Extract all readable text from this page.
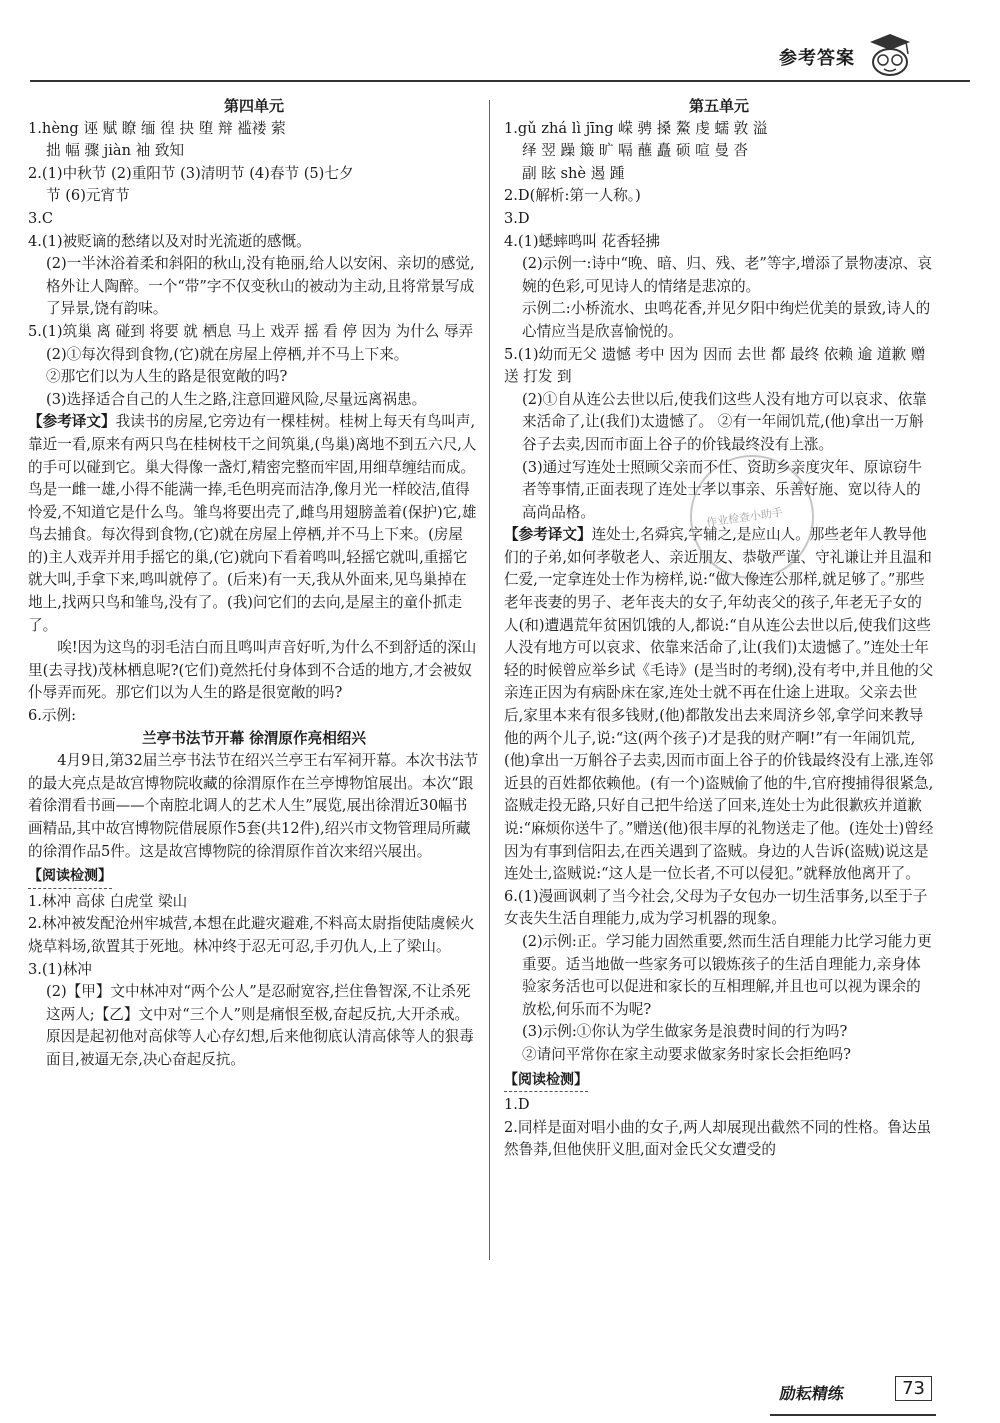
参考答案

第四单元

1.hèng 诬 赋 瞭 缅 徨 抉 堕 辩 褴褛 萦

拙 幅 骤 jiàn 袖 致知

2.(1)中秋节 (2)重阳节 (3)清明节 (4)春节 (5)七夕

节 (6)元宵节

3.C

4.(1)被贬谪的愁绪以及对时光流逝的感慨。

(2)一半沐浴着柔和斜阳的秋山,没有艳丽,给人以安闲、亲切的感觉,格外让人陶醉。一个“带”字不仅变秋山的被动为主动,且将常景写成了异景,饶有韵味。

5.(1)筑巢 离 碰到 将要 就 栖息 马上 戏弄 摇 看 停 因为 为什么 辱弄

(2)①每次得到食物,(它)就在房屋上停栖,并不马上下来。

②那它们以为人生的路是很宽敞的吗?

(3)选择适合自己的人生之路,注意回避风险,尽量远离祸患。

【参考译文】我读书的房屋,它旁边有一棵桂树。桂树上每天有鸟叫声,靠近一看,原来有两只鸟在桂树枝干之间筑巢,(鸟巢)离地不到五六尺,人的手可以碰到它。巢大得像一盏灯,精密完整而牢固,用细草缠结而成。鸟是一雌一雄,小得不能满一捧,毛色明亮而洁净,像月光一样皎洁,值得怜爱,不知道它是什么鸟。雏鸟将要出壳了,雌鸟用翅膀盖着(保护)它,雄鸟去捕食。每次得到食物,(它)就在房屋上停栖,并不马上下来。(房屋的)主人戏弄并用手摇它的巢,(它)就向下看着鸣叫,轻摇它就叫,重摇它就大叫,手拿下来,鸣叫就停了。(后来)有一天,我从外面来,见鸟巢掉在地上,找两只鸟和雏鸟,没有了。(我)问它们的去向,是屋主的童仆抓走了。

唉!因为这鸟的羽毛洁白而且鸣叫声音好听,为什么不到舒适的深山里(去寻找)茂林栖息呢?(它们)竟然托付身体到不合适的地方,才会被奴仆辱弄而死。那它们以为人生的路是很宽敞的吗?

6.示例:

兰亭书法节开幕 徐渭原作亮相绍兴

4月9日,第32届兰亭书法节在绍兴兰亭王右军祠开幕。本次书法节的最大亮点是故宫博物院收藏的徐渭原作在兰亭博物馆展出。本次“跟着徐渭看书画——个南腔北调人的艺术人生”展览,展出徐渭近30幅书画精品,其中故宫博物院借展原作5套(共12件),绍兴市文物管理局所藏的徐渭作品5件。这是故宫博物院的徐渭原作首次来绍兴展出。

【阅读检测】

1.林冲 高俅 白虎堂 梁山

2.林冲被发配沧州牢城营,本想在此避灾避难,不料高太尉指使陆虞候火烧草料场,欲置其于死地。林冲终于忍无可忍,手刃仇人,上了梁山。

3.(1)林冲

(2)【甲】文中林冲对“两个公人”是忍耐宽容,拦住鲁智深,不让杀死这两人;【乙】文中对“三个人”则是痛恨至极,奋起反抗,大开杀戒。 原因是起初他对高俅等人心存幻想,后来他彻底认清高俅等人的狠毒面目,被逼无奈,决心奋起反抗。

第五单元

1.gǔ zhá lì jīng 嵘 骋 搡 鰲 虔 蠕 敦 溢

绎 翌 躁 簸 旷 嗝 蘸 矗 硕 喧 曼 沓

副 眩 shè 遏 踵

2.D(解析:第一人称。)

3.D

4.(1)蟋蟀鸣叫 花香轻拂

(2)示例一:诗中“晚、暗、归、残、老”等字,增添了景物凄凉、哀婉的色彩,可见诗人的情绪是悲凉的。

示例二:小桥流水、虫鸣花香,并见夕阳中绚烂优美的景致,诗人的心情应当是欣喜愉悦的。

5.(1)幼而无父 遗憾 考中 因为 因而 去世 都 最终 依赖 逾 道歉 赠送 打发 到

(2)①自从连公去世以后,使我们这些人没有地方可以哀求、依靠来活命了,让(我们)太遗憾了。 ②有一年闹饥荒,(他)拿出一万斛谷子去卖,因而市面上谷子的价钱最终没有上涨。

(3)通过写连处士照顾父亲而不仕、资助乡亲度灾年、原谅窃牛者等事情,正面表现了连处士孝以事亲、乐善好施、宽以待人的高尚品格。

【参考译文】连处士,名舜宾,字辅之,是应山人。那些老年人教导他们的子弟,如何孝敬老人、亲近朋友、恭敬严谨、守礼谦让并且温和仁爱,一定拿连处士作为榜样,说:“做人像连公那样,就足够了。”那些老年丧妻的男子、老年丧夫的女子,年幼丧父的孩子,年老无子女的人(和)遭遇荒年贫困饥饿的人,都说:“自从连公去世以后,使我们这些人没有地方可以哀求、依靠来活命了,让(我们)太遗憾了。”连处士年轻的时候曾应举乡试《毛诗》(是当时的考纲),没有考中,并且他的父亲连正因为有病卧床在家,连处士就不再在仕途上进取。父亲去世后,家里本来有很多钱财,(他)都散发出去来周济乡邻,拿学问来教导他的两个儿子,说:“这(两个孩子)才是我的财产啊!”有一年闹饥荒,(他)拿出一万斛谷子去卖,因而市面上谷子的价钱最终没有上涨,连邻近县的百姓都依赖他。(有一个)盗贼偷了他的牛,官府搜捕得很紧急,盗贼走投无路,只好自己把牛给送了回来,连处士为此很歉疚并道歉说:“麻烦你送牛了。”赠送(他)很丰厚的礼物送走了他。(连处士)曾经因为有事到信阳去,在西关遇到了盗贼。身边的人告诉(盗贼)说这是连处士,盗贼说:“这人是一位长者,不可以侵犯。”就释放他离开了。

6.(1)漫画讽刺了当今社会,父母为子女包办一切生活事务,以至于子女丧失生活自理能力,成为学习机器的现象。

(2)示例:正。学习能力固然重要,然而生活自理能力比学习能力更重要。适当地做一些家务可以锻炼孩子的生活自理能力,亲身体验家务活也可以促进和家长的互相理解,并且也可以视为课余的放松,何乐而不为呢?

(3)示例:①你认为学生做家务是浪费时间的行为吗?

②请问平常你在家主动要求做家务时家长会拒绝吗?

【阅读检测】

1.D

2.同样是面对唱小曲的女子,两人却展现出截然不同的性格。鲁达虽然鲁莽,但他侠肝义胆,面对金氏父女遭受的

作业检查小助手
励耘精练	73
